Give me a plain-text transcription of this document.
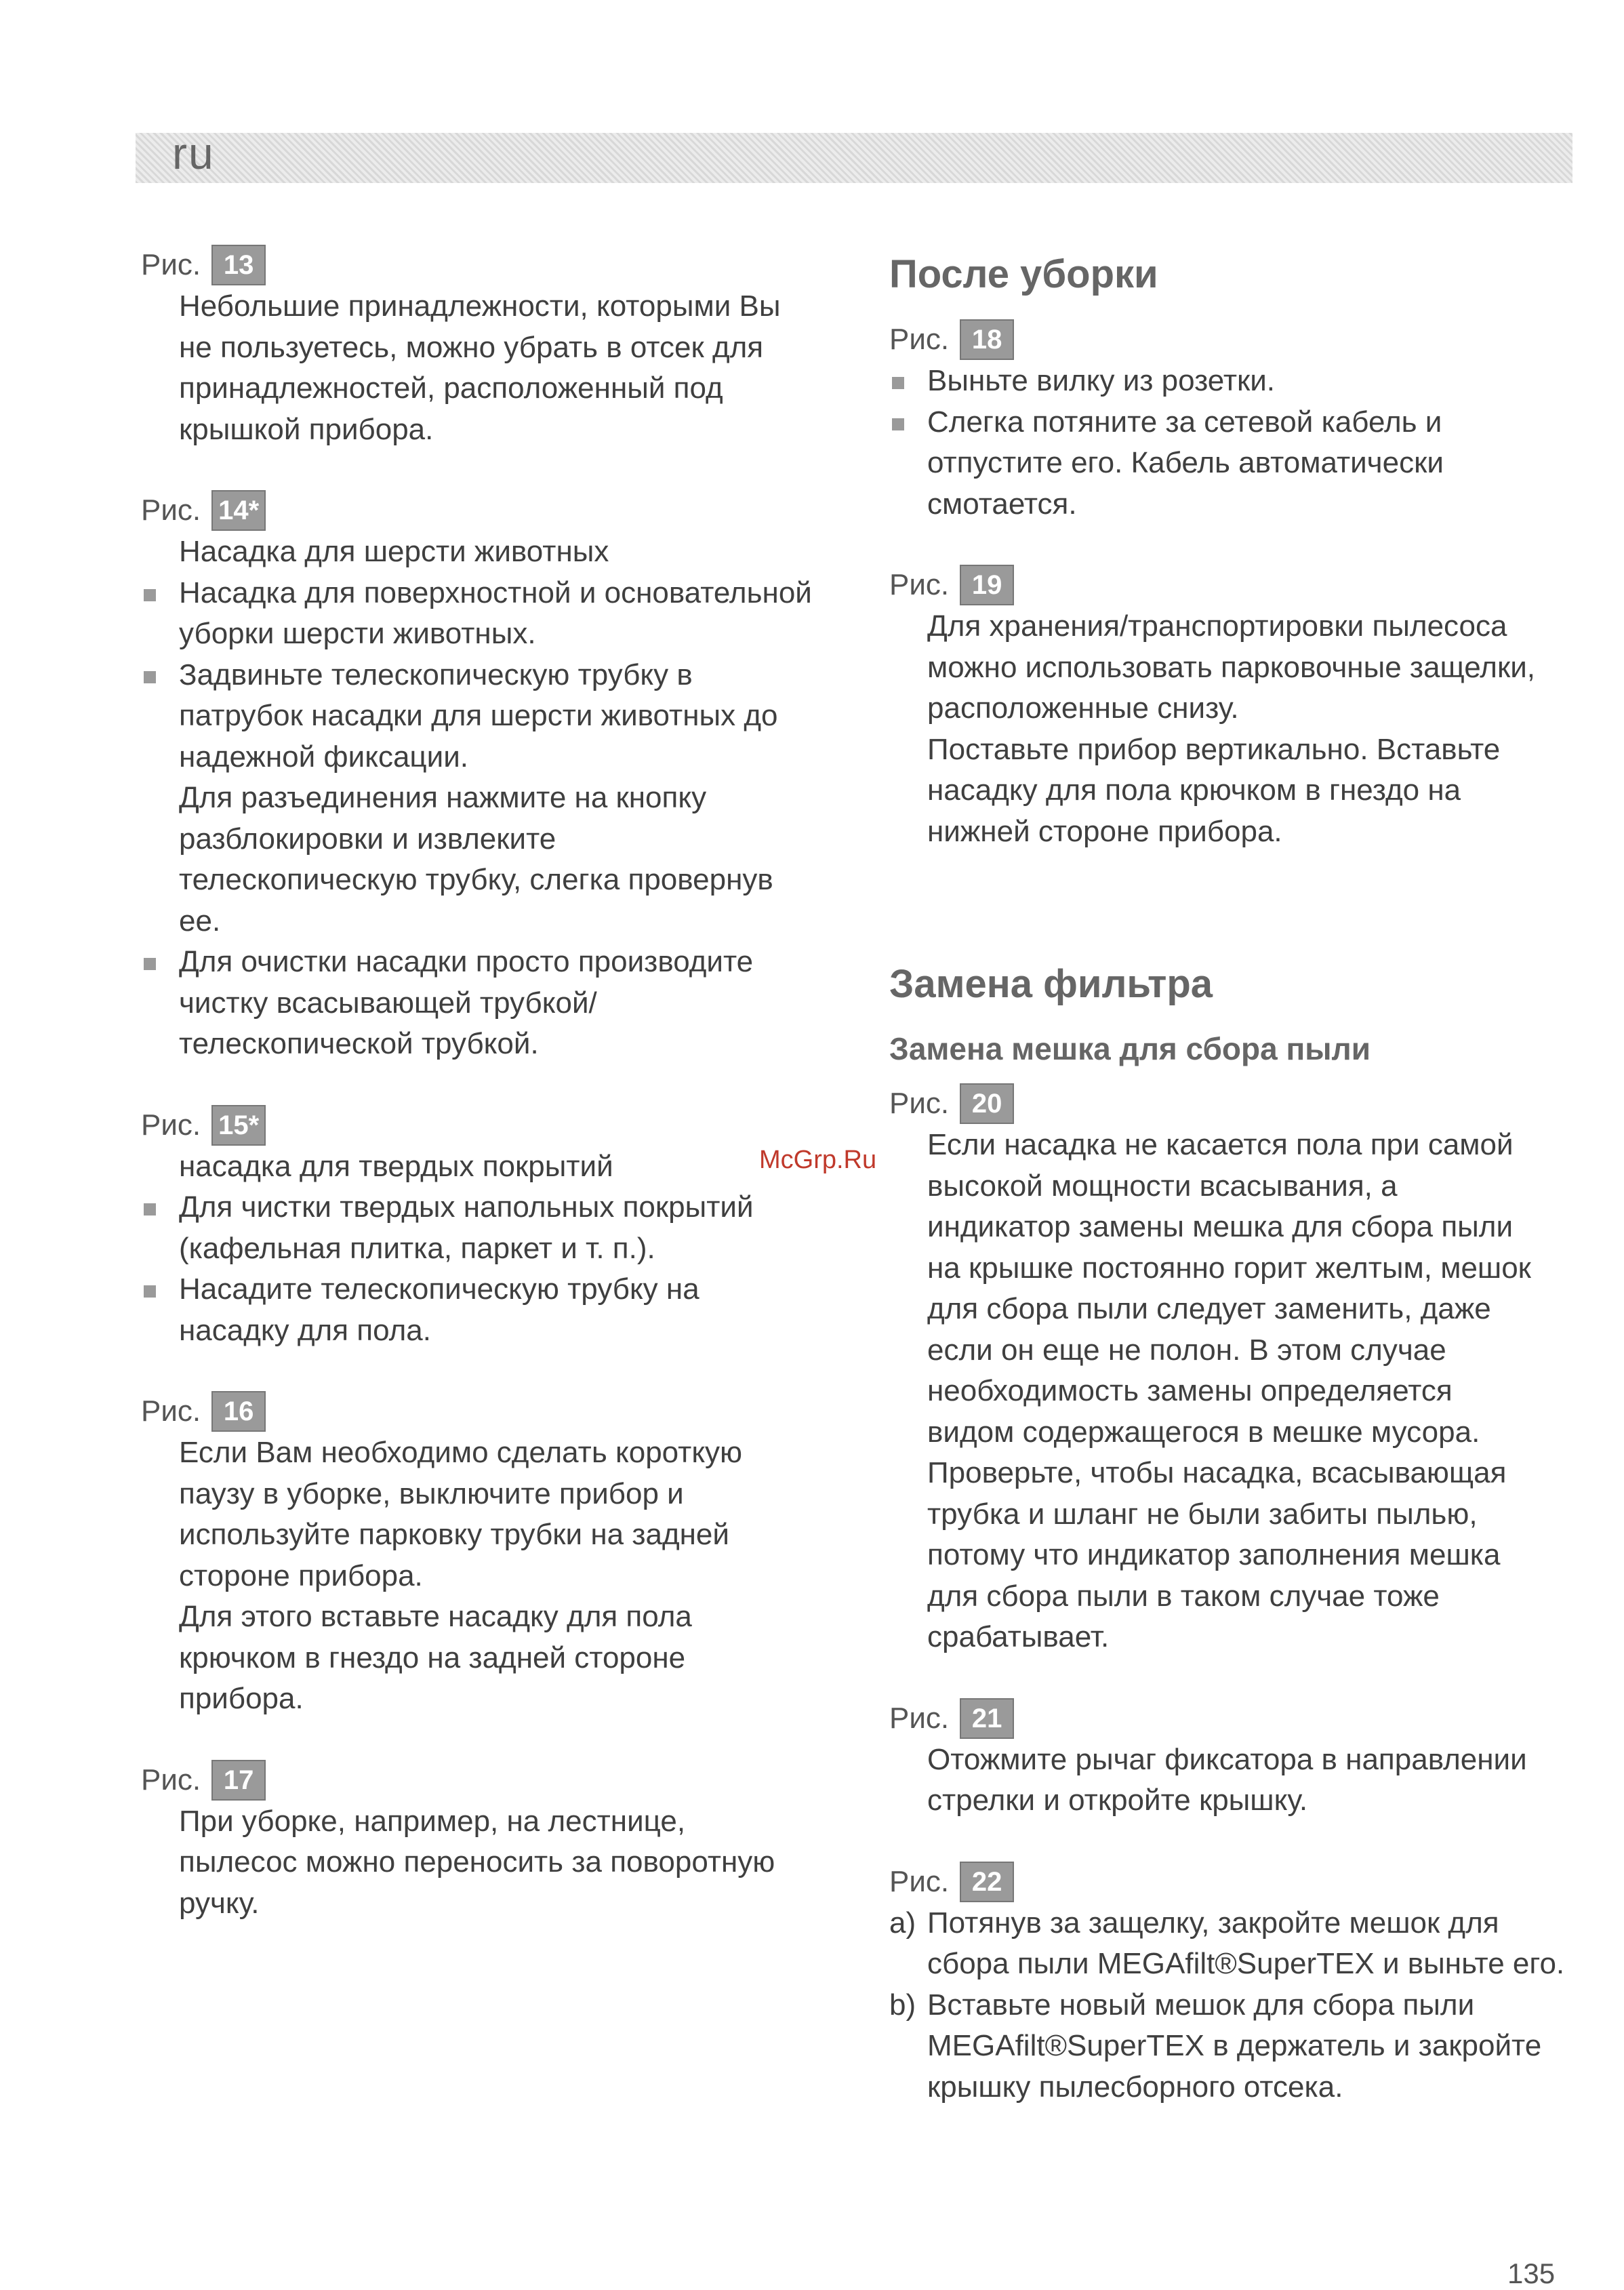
ru
Рис. 13
Небольшие принадлежности, которыми Вы
не пользуетесь, можно убрать в отсек для
принадлежностей, расположенный под
крышкой прибора.
Рис. 14*
Насадка для шерсти животных
Насадка для поверхностной и основательной
уборки шерсти животных.
Задвиньте телескопическую трубку в
патрубок насадки для шерсти животных до
надежной фиксации.
Для разъединения нажмите на кнопку
разблокировки и извлеките
телескопическую трубку, слегка провернув
ее.
Для очистки насадки просто производите
чистку всасывающей трубкой/
телескопической трубкой.
Рис. 15*
насадка для твердых покрытий
Для чистки твердых напольных покрытий
(кафельная плитка, паркет и т. п.).
Насадите телескопическую трубку на
насадку для пола.
Рис. 16
Если Вам необходимо сделать короткую
паузу в уборке, выключите прибор и
используйте парковку трубки на задней
стороне прибора.
Для этого вставьте насадку для пола
крючком в гнездо на задней стороне
прибора.
Рис. 17
При уборке, например, на лестнице,
пылесос можно переносить за поворотную
ручку.
После уборки
Рис. 18
Выньте вилку из розетки.
Слегка потяните за сетевой кабель и
отпустите его. Кабель автоматически
смотается.
Рис. 19
Для хранения/транспортировки пылесоса
можно использовать парковочные защелки,
расположенные снизу.
Поставьте прибор вертикально. Вставьте
насадку для пола крючком в гнездо на
нижней стороне прибора.
Замена фильтра
Замена мешка для сбора пыли
Рис. 20
Если насадка не касается пола при самой
высокой мощности всасывания, а
индикатор замены мешка для сбора пыли
на крышке постоянно горит желтым, мешок
для сбора пыли следует заменить, даже
если он еще не полон. В этом случае
необходимость замены определяется
видом содержащегося в мешке мусора.
Проверьте, чтобы насадка, всасывающая
трубка и шланг не были забиты пылью,
потому что индикатор заполнения мешка
для сбора пыли в таком случае тоже
срабатывает.
Рис. 21
Отожмите рычаг фиксатора в направлении
стрелки и откройте крышку.
Рис. 22
a) Потянув за защелку, закройте мешок для
сбора пыли MEGAfilt®SuperTEX и выньте его.
b) Вставьте новый мешок для сбора пыли
MEGAfilt®SuperTEX в держатель и закройте
крышку пылесборного отсека.
McGrp.Ru
135
